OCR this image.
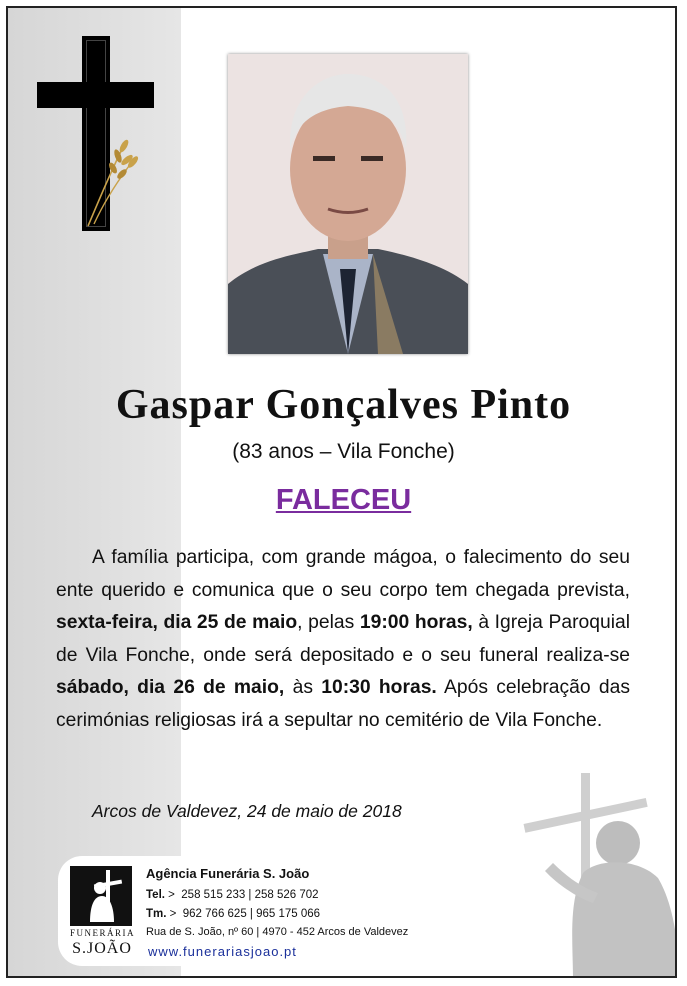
Gaspar Gonçalves Pinto
(83 anos – Vila Fonche)
FALECEU
A família participa, com grande mágoa, o falecimento do seu ente querido e comunica que o seu corpo tem chegada prevista, sexta-feira, dia 25 de maio, pelas 19:00 horas, à Igreja Paroquial de Vila Fonche, onde será depositado e o seu funeral realiza-se sábado, dia 26 de maio, às 10:30 horas. Após celebração das cerimónias religiosas irá a sepultar no cemitério de Vila Fonche.
Arcos de Valdevez, 24 de maio de 2018
FUNERÁRIA
S.JOÃO
Agência Funerária S. João
Tel. >  258 515 233 | 258 526 702
Tm. >  962 766 625 | 965 175 066
Rua de S. João, nº 60 | 4970 - 452 Arcos de Valdevez
www.funerariasjoao.pt
